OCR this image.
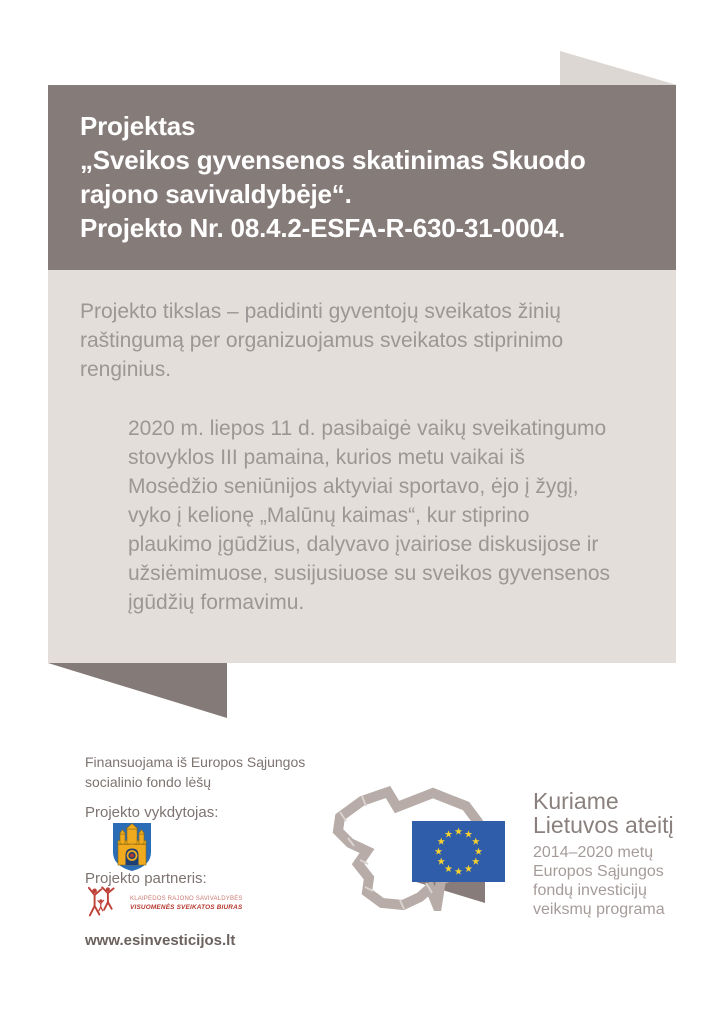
Projektas
„Sveikos gyvensenos skatinimas Skuodo
rajono savivaldybėje“.
Projekto Nr. 08.4.2-ESFA-R-630-31-0004.
Projekto tikslas – padidinti gyventojų sveikatos žinių raštingumą per organizuojamus sveikatos stiprinimo renginius.
2020 m. liepos 11 d. pasibaigė vaikų sveikatingumo stovyklos III pamaina, kurios metu vaikai iš Mosėdžio seniūnijos aktyviai sportavo, ėjo į žygį, vyko į kelionę „Malūnų kaimas“, kur stiprino plaukimo įgūdžius, dalyvavo įvairiose diskusijose ir užsiėmimuose, susijusiuose su sveikos gyvensenos įgūdžių formavimu.
Finansuojama iš Europos Sąjungos
socialinio fondo lėšų
Projekto vykdytojas:
Projekto partneris:
KLAIPĖDOS RAJONO SAVIVALDYBĖS
VISUOMENĖS SVEIKATOS BIURAS
www.esinvesticijos.lt
Kuriame
Lietuvos ateitį
2014–2020 metų
Europos Sąjungos
fondų investicijų
veiksmų programa
